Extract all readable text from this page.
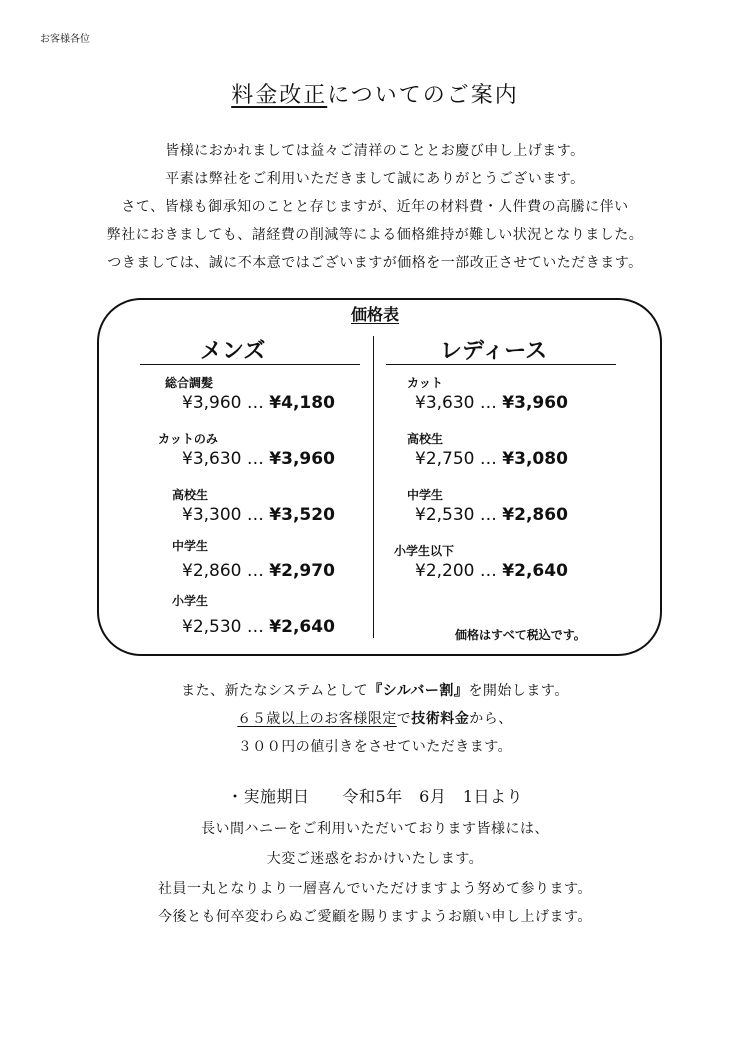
お客様各位
料金改正についてのご案内
皆様におかれましては益々ご清祥のこととお慶び申し上げます。
平素は弊社をご利用いただきまして誠にありがとうございます。
さて、皆様も御承知のことと存じますが、近年の材料費・人件費の高騰に伴い
弊社におきましても、諸経費の削減等による価格維持が難しい状況となりました。
つきましては、誠に不本意ではございますが価格を一部改正させていただきます。
価格表
メンズ	レディース
総合調髪
¥3,960 … ¥4,180
カットのみ
¥3,630 … ¥3,960
高校生
¥3,300 … ¥3,520
中学生
¥2,860 … ¥2,970
小学生
¥2,530 … ¥2,640
カット
¥3,630 … ¥3,960
高校生
¥2,750 … ¥3,080
中学生
¥2,530 … ¥2,860
小学生以下
¥2,200 … ¥2,640
価格はすべて税込です。
また、新たなシステムとして『シルバー割』を開始します。
６５歳以上のお客様限定で技術料金から、
３００円の値引きをさせていただきます。
・実施期日　　 令和5年　6月　1日より
長い間ハニーをご利用いただいております皆様には、
大変ご迷惑をおかけいたします。
社員一丸となりより一層喜んでいただけますよう努めて参ります。
今後とも何卒変わらぬご愛顧を賜りますようお願い申し上げます。
